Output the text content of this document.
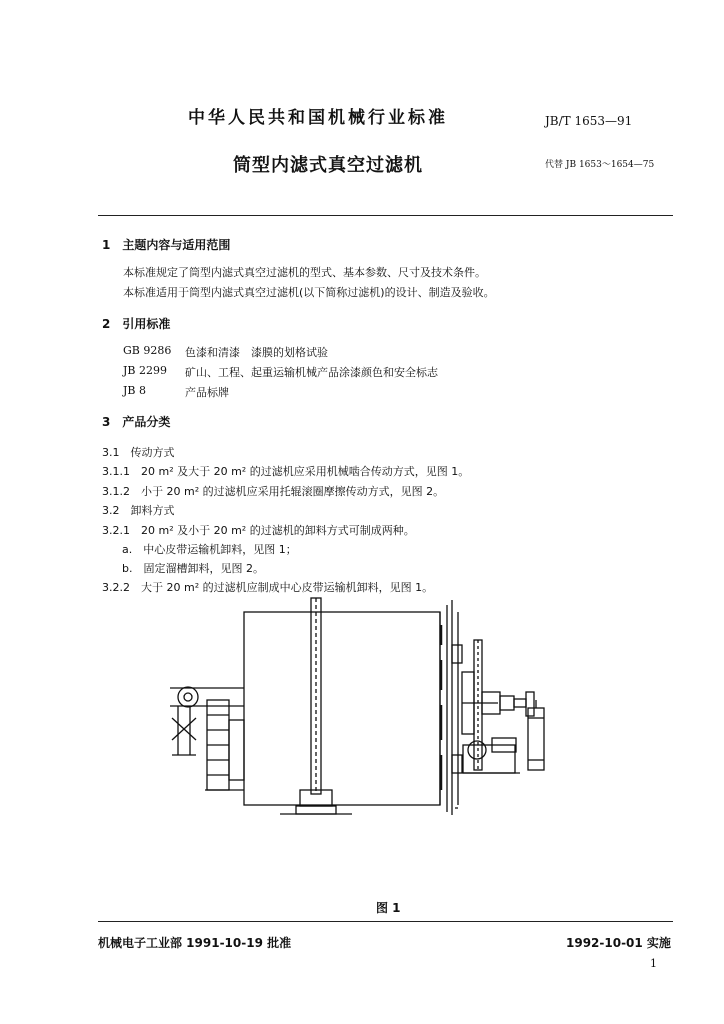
中华人民共和国机械行业标准	JB/T 1653—91
筒型内滤式真空过滤机	代替 JB 1653～1654—75
1　主题内容与适用范围
本标准规定了筒型内滤式真空过滤机的型式、基本参数、尺寸及技术条件。
本标准适用于筒型内滤式真空过滤机(以下简称过滤机)的设计、制造及验收。
2　引用标准
GB 9286 色漆和清漆　漆膜的划格试验
JB 2299 矿山、工程、起重运输机械产品涂漆颜色和安全标志
JB 8	产品标牌
3　产品分类
3.1　传动方式
3.1.1　20 m² 及大于 20 m² 的过滤机应采用机械啮合传动方式，见图 1。
3.1.2　小于 20 m² 的过滤机应采用托辊滚圈摩擦传动方式，见图 2。
3.2　卸料方式
3.2.1　20 m² 及小于 20 m² 的过滤机的卸料方式可制成两种。
a.　中心皮带运输机卸料，见图 1；
b.　固定溜槽卸料，见图 2。
3.2.2　大于 20 m² 的过滤机应制成中心皮带运输机卸料，见图 1。
图 1
机械电子工业部 1991-10-19 批准	1992-10-01 实施
1
